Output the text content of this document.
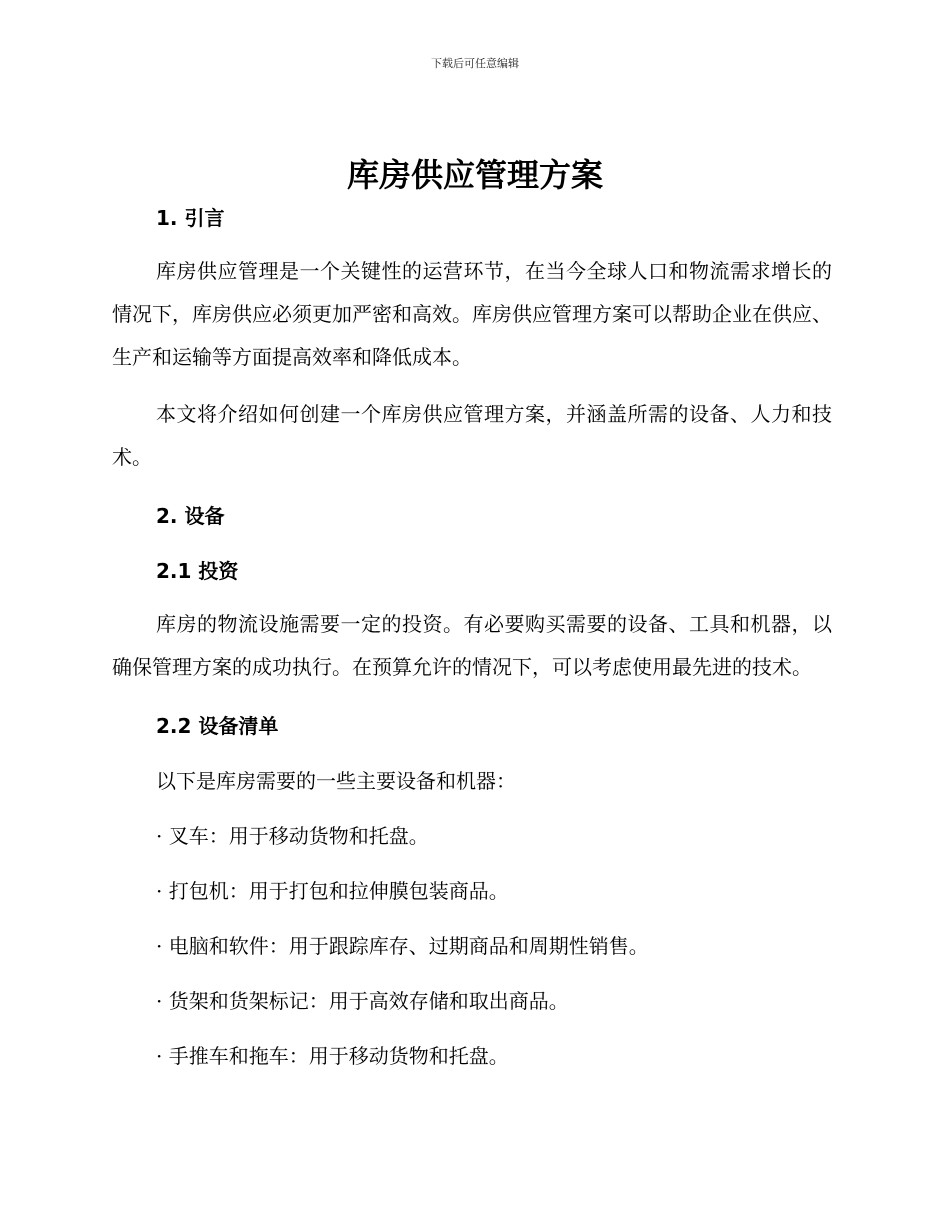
下载后可任意编辑
库房供应管理方案
1. 引言

库房供应管理是一个关键性的运营环节，在当今全球人口和物流需求增长的情况下，库房供应必须更加严密和高效。库房供应管理方案可以帮助企业在供应、生产和运输等方面提高效率和降低成本。

本文将介绍如何创建一个库房供应管理方案，并涵盖所需的设备、人力和技术。

2. 设备
2.1 投资

库房的物流设施需要一定的投资。有必要购买需要的设备、工具和机器，以确保管理方案的成功执行。在预算允许的情况下，可以考虑使用最先进的技术。

2.2 设备清单
以下是库房需要的一些主要设备和机器：
· 叉车：用于移动货物和托盘。
· 打包机：用于打包和拉伸膜包装商品。
· 电脑和软件：用于跟踪库存、过期商品和周期性销售。
· 货架和货架标记：用于高效存储和取出商品。
· 手推车和拖车：用于移动货物和托盘。
